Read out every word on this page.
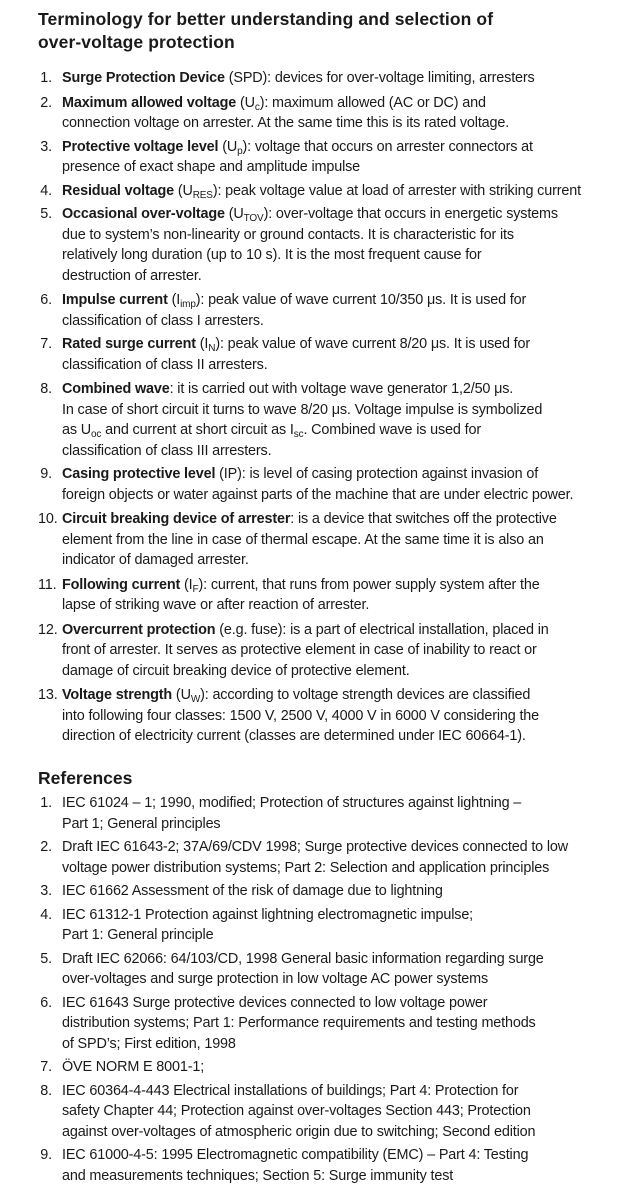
Terminology for better understanding and selection of
over-voltage protection
1. Surge Protection Device (SPD): devices for over-voltage limiting, arresters
2. Maximum allowed voltage $(U_c)$: maximum allowed (AC or DC) and
connection voltage on arrester. At the same time this is its rated voltage.
3. Protective voltage level $(U_p)$: voltage that occurs on arrester connectors at
presence of exact shape and amplitude impulse
4. Residual voltage $(U_{RES})$: peak voltage value at load of arrester with striking current
5. Occasional over-voltage $(U_{TOV})$: over-voltage that occurs in energetic systems
due to system’s non-linearity or ground contacts. It is characteristic for its
relatively long duration (up to 10 s). It is the most frequent cause for
destruction of arrester.
6. Impulse current $(I_{imp})$: peak value of wave current 10/350 μs. It is used for
classification of class I arresters.
7. Rated surge current $(I_N)$: peak value of wave current 8/20 μs. It is used for
classification of class II arresters.
8. Combined wave: it is carried out with voltage wave generator 1,2/50 μs.
In case of short circuit it turns to wave 8/20 μs. Voltage impulse is symbolized
as $U_{oc}$ and current at short circuit as $I_{sc}$. Combined wave is used for
classification of class III arresters.
9. Casing protective level (IP): is level of casing protection against invasion of
foreign objects or water against parts of the machine that are under electric power.
10. Circuit breaking device of arrester: is a device that switches off the protective
element from the line in case of thermal escape. At the same time it is also an
indicator of damaged arrester.
11. Following current $(I_F)$: current, that runs from power supply system after the
lapse of striking wave or after reaction of arrester.
12. Overcurrent protection (e.g. fuse): is a part of electrical installation, placed in
front of arrester. It serves as protective element in case of inability to react or
damage of circuit breaking device of protective element.
13. Voltage strength $(U_W)$: according to voltage strength devices are classified
into following four classes: 1500 V, 2500 V, 4000 V in 6000 V considering the
direction of electricity current (classes are determined under IEC 60664-1).
References
1. IEC 61024 – 1; 1990, modified; Protection of structures against lightning –
Part 1; General principles
2. Draft IEC 61643-2; 37A/69/CDV 1998; Surge protective devices connected to low
voltage power distribution systems; Part 2: Selection and application principles
3. IEC 61662 Assessment of the risk of damage due to lightning
4. IEC 61312-1 Protection against lightning electromagnetic impulse;
Part 1: General principle
5. Draft IEC 62066: 64/103/CD, 1998 General basic information regarding surge
over-voltages and surge protection in low voltage AC power systems
6. IEC 61643 Surge protective devices connected to low voltage power
distribution systems; Part 1: Performance requirements and testing methods
of SPD’s; First edition, 1998
7. ÖVE NORM E 8001-1;
8. IEC 60364-4-443 Electrical installations of buildings; Part 4: Protection for
safety Chapter 44; Protection against over-voltages Section 443; Protection
against over-voltages of atmospheric origin due to switching; Second edition
9. IEC 61000-4-5: 1995 Electromagnetic compatibility (EMC) – Part 4: Testing
and measurements techniques; Section 5: Surge immunity test
